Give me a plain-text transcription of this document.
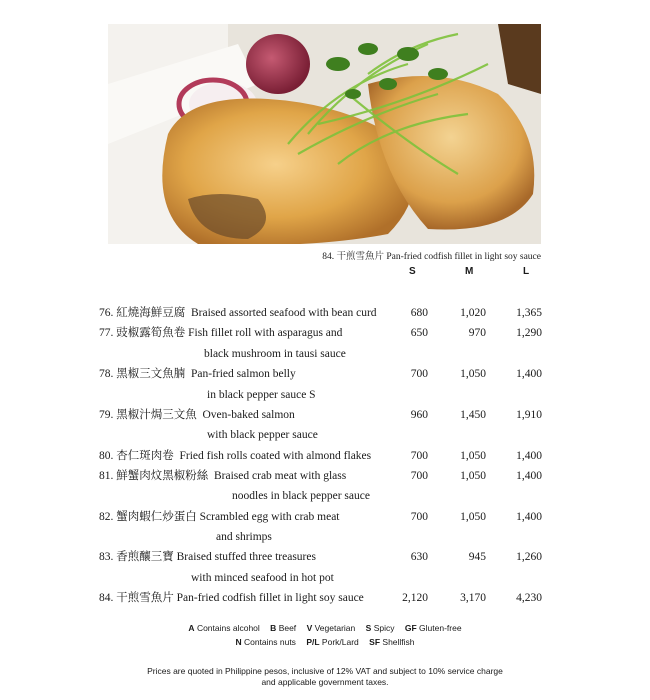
84. 干煎雪魚片 Pan-fried codfish fillet in light soy sauce
S	M	L
76. 紅燒海鮮豆腐 Braised assorted seafood with bean curd	680	1,020	1,365
77. 豉椒露筍魚卷 Fish fillet roll with asparagus and	650	970	1,290
black mushroom in tausi sauce
78. 黑椒三文魚腩 Pan-fried salmon belly	700	1,050	1,400
in black pepper sauce S
79. 黑椒汁焗三文魚 Oven-baked salmon	960	1,450	1,910
with black pepper sauce
80. 杏仁斑肉卷 Fried fish rolls coated with almond flakes	700	1,050	1,400
81. 鮮蟹肉炆黑椒粉絲 Braised crab meat with glass	700	1,050	1,400
noodles in black pepper sauce
82. 蟹肉蝦仁炒蛋白 Scrambled egg with crab meat	700	1,050	1,400
and shrimps
83. 香煎釀三寶 Braised stuffed three treasures	630	945	1,260
with minced seafood in hot pot
84. 干煎雪魚片 Pan-fried codfish fillet in light soy sauce	2,120	3,170	4,230
A Contains alcohol B Beef V Vegetarian S Spicy GF Gluten-free
N Contains nuts P/L Pork/Lard SF Shellfish
Prices are quoted in Philippine pesos, inclusive of 12% VAT and subject to 10% service charge
and applicable government taxes.
